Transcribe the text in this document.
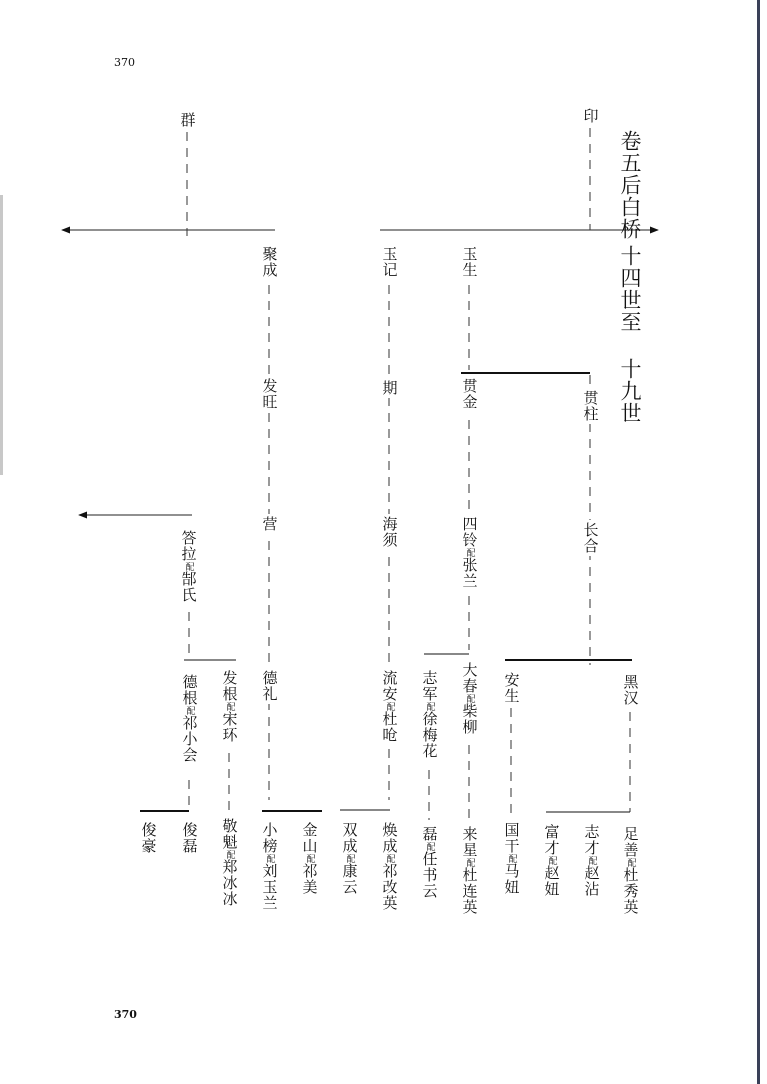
370
370
卷五后白桥
十四世至 十九世
印
群
聚成	玉记	玉生
发旺	期	贯金	贯柱
营	海须	四铃配张兰
长合
答拉配郜氏
德根配祁小会
发根配宋环
德礼	流安配杜呛
志军配徐梅花
大春配柴柳
安生	黑汉
俊豪 俊磊 敬魁配郑冰冰
小榜配刘玉兰
金山配祁美
双成配康云
焕成配祁改英
磊配任书云
来星配杜连英
国干配马妞
富才配赵妞
志才配赵沾
足善配杜秀英
